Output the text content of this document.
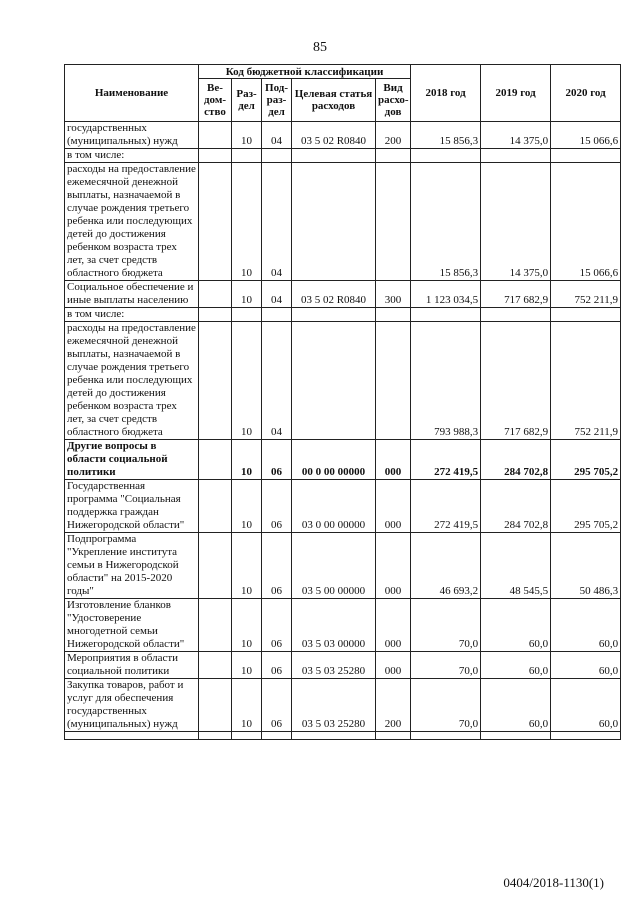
85
Наименование	Код бюджетной классификации					2018 год	2019 год	2020 год
	Ве-дом-ство	Раз-дел	Под-раз-дел	Целевая статья расходов	Вид расхо-дов			
государственных (муниципальных) нужд		10	04	03 5 02 R0840	200	15 856,3	14 375,0	15 066,6
в том числе:								
расходы на предоставление ежемесячной денежной выплаты, назначаемой в случае рождения третьего ребенка или последующих детей до достижения ребенком возраста трех лет, за счет средств областного бюджета		10	04			15 856,3	14 375,0	15 066,6
Социальное обеспечение и иные выплаты населению		10	04	03 5 02 R0840	300	1 123 034,5	717 682,9	752 211,9
в том числе:								
расходы на предоставление ежемесячной денежной выплаты, назначаемой в случае рождения третьего ребенка или последующих детей до достижения ребенком возраста трех лет, за счет средств областного бюджета		10	04			793 988,3	717 682,9	752 211,9
Другие вопросы в области социальной политики		10	06	00 0 00 00000	000	272 419,5	284 702,8	295 705,2
Государственная программа "Социальная поддержка граждан Нижегородской области"		10	06	03 0 00 00000	000	272 419,5	284 702,8	295 705,2
Подпрограмма "Укрепление института семьи в Нижегородской области" на 2015-2020 годы"		10	06	03 5 00 00000	000	46 693,2	48 545,5	50 486,3
Изготовление бланков "Удостоверение многодетной семьи Нижегородской области"		10	06	03 5 03 00000	000	70,0	60,0	60,0
Мероприятия в области социальной политики		10	06	03 5 03 25280	000	70,0	60,0	60,0
Закупка товаров, работ и услуг для обеспечения государственных (муниципальных) нужд		10	06	03 5 03 25280	200	70,0	60,0	60,0

0404/2018-1130(1)
